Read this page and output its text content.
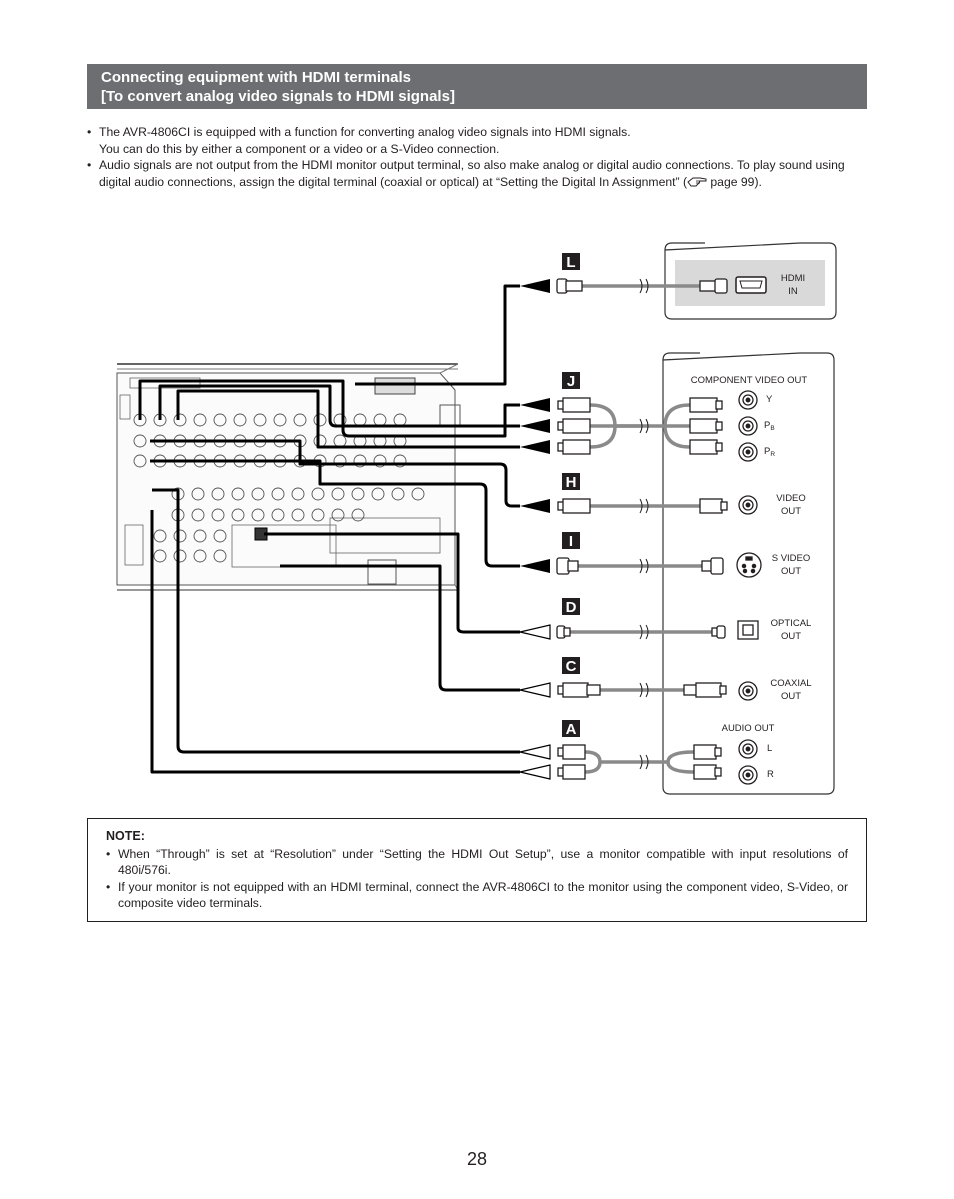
Connecting equipment with HDMI terminals
[To convert analog video signals to HDMI signals]
• The AVR-4806CI is equipped with a function for converting analog video signals into HDMI signals.
You can do this by either a component or a video or a S-Video connection.
• Audio signals are not output from the HDMI monitor output terminal, so also make analog or digital audio connections. To play sound using digital audio connections, assign the digital terminal (coaxial or optical) at “Setting the Digital In Assignment” ( page 99).
HDMI
IN
COMPONENT VIDEO OUT
Y
$P_B$
$P_R$
VIDEO
OUT
S VIDEO
OUT
OPTICAL
OUT
COAXIAL
OUT
AUDIO OUT
L
R
L
J
H
I
D
C
A
NOTE:
• When “Through” is set at “Resolution” under “Setting the HDMI Out Setup”, use a monitor compatible with input resolutions of 480i/576i.
• If your monitor is not equipped with an HDMI terminal, connect the AVR-4806CI to the monitor using the component video, S-Video, or composite video terminals.
28
